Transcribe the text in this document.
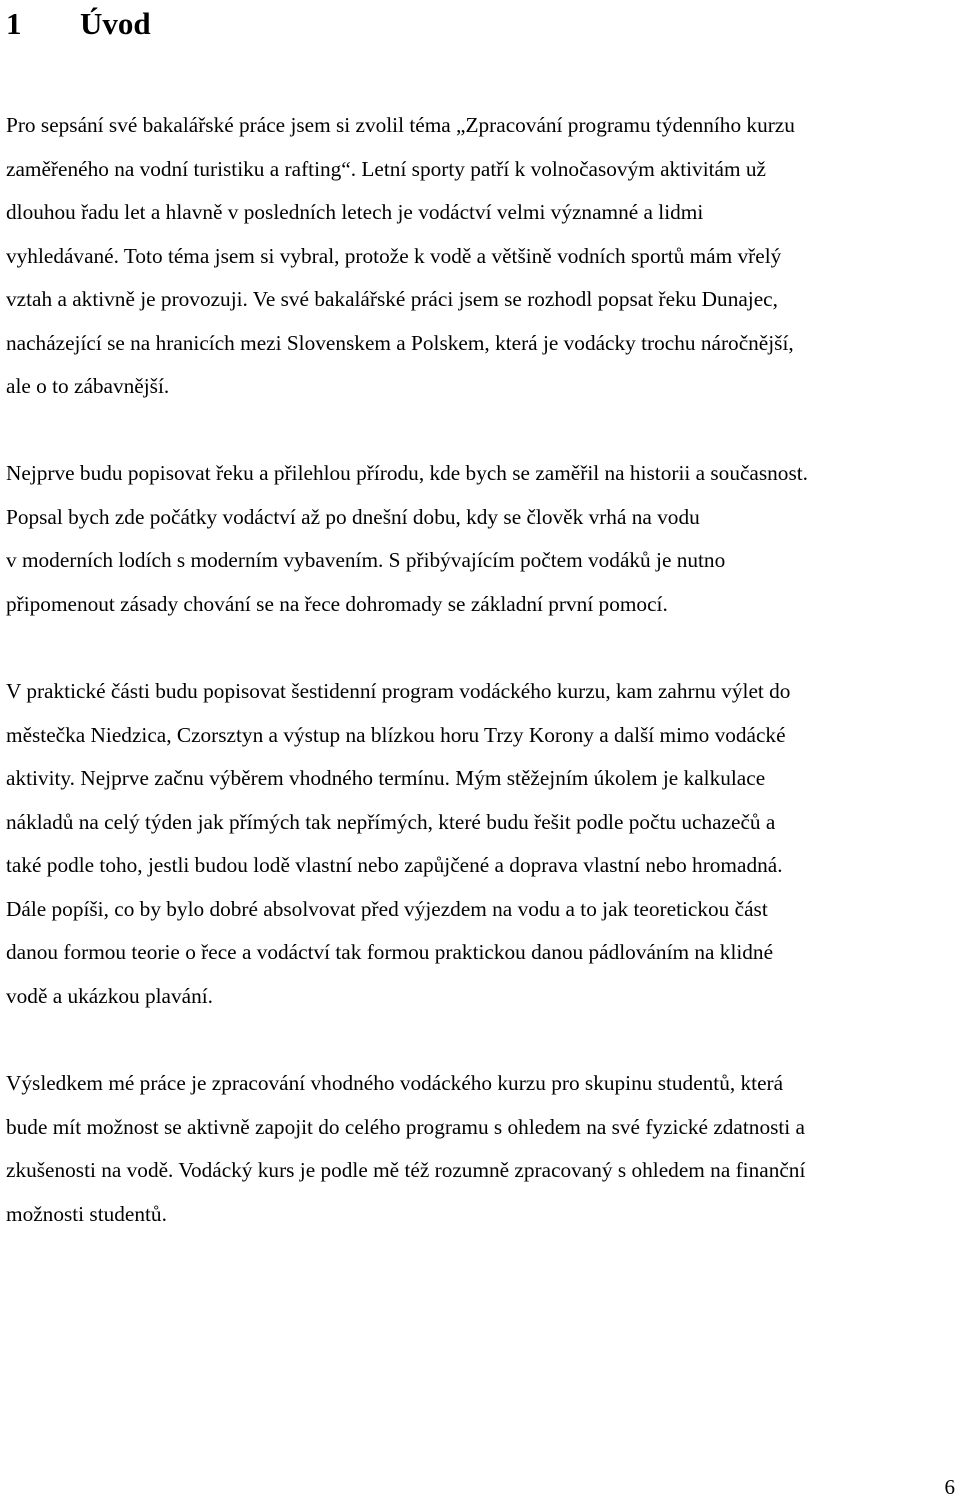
1 Úvod
Pro sepsání své bakalářské práce jsem si zvolil téma „Zpracování programu týdenního kurzu
zaměřeného na vodní turistiku a rafting“. Letní sporty patří k volnočasovým aktivitám už
dlouhou řadu let a hlavně v posledních letech je vodáctví velmi významné a lidmi
vyhledávané. Toto téma jsem si vybral, protože k vodě a většině vodních sportů mám vřelý
vztah a aktivně je provozuji. Ve své bakalářské práci jsem se rozhodl popsat řeku Dunajec,
nacházející se na hranicích mezi Slovenskem a Polskem, která je vodácky trochu náročnější,
ale o to zábavnější.
Nejprve budu popisovat řeku a přilehlou přírodu, kde bych se zaměřil na historii a současnost.
Popsal bych zde počátky vodáctví až po dnešní dobu, kdy se člověk vrhá na vodu
v moderních lodích s moderním vybavením. S přibývajícím počtem vodáků je nutno
připomenout zásady chování se na řece dohromady se základní první pomocí.
V praktické části budu popisovat šestidenní program vodáckého kurzu, kam zahrnu výlet do
městečka Niedzica, Czorsztyn a výstup na blízkou horu Trzy Korony a další mimo vodácké
aktivity. Nejprve začnu výběrem vhodného termínu. Mým stěžejním úkolem je kalkulace
nákladů na celý týden jak přímých tak nepřímých, které budu řešit podle počtu uchazečů a
také podle toho, jestli budou lodě vlastní nebo zapůjčené a doprava vlastní nebo hromadná.
Dále popíši, co by bylo dobré absolvovat před výjezdem na vodu a to jak teoretickou část
danou formou teorie o řece a vodáctví tak formou praktickou danou pádlováním na klidné
vodě a ukázkou plavání.
Výsledkem mé práce je zpracování vhodného vodáckého kurzu pro skupinu studentů, která
bude mít možnost se aktivně zapojit do celého programu s ohledem na své fyzické zdatnosti a
zkušenosti na vodě. Vodácký kurs je podle mě též rozumně zpracovaný s ohledem na finanční
možnosti studentů.
6
